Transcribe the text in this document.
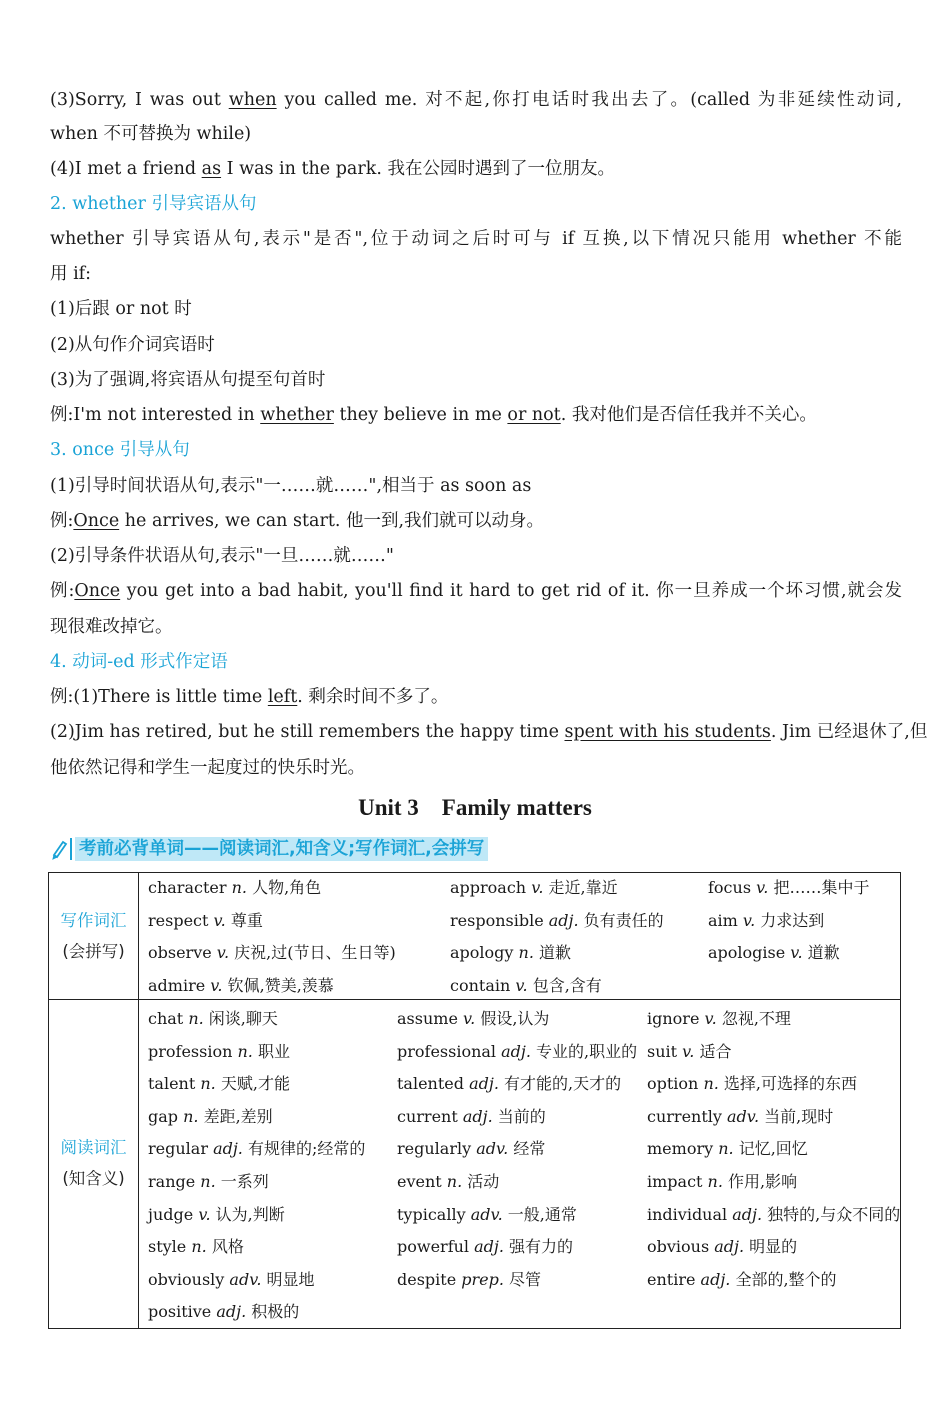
(3)Sorry, I was out when you called me. 对不起,你打电话时我出去了。(called 为非延续性动词,
when 不可替换为 while)
(4)I met a friend as I was in the park. 我在公园时遇到了一位朋友。
2. whether 引导宾语从句
whether 引导宾语从句,表示"是否",位于动词之后时可与 if 互换,以下情况只能用 whether 不能
用 if:
(1)后跟 or not 时
(2)从句作介词宾语时
(3)为了强调,将宾语从句提至句首时
例:I'm not interested in whether they believe in me or not. 我对他们是否信任我并不关心。
3. once 引导从句
(1)引导时间状语从句,表示"一……就……",相当于 as soon as
例:Once he arrives, we can start. 他一到,我们就可以动身。
(2)引导条件状语从句,表示"一旦……就……"
例:Once you get into a bad habit, you'll find it hard to get rid of it. 你一旦养成一个坏习惯,就会发
现很难改掉它。
4. 动词-ed 形式作定语
例:(1)There is little time left. 剩余时间不多了。
(2)Jim has retired, but he still remembers the happy time spent with his students. Jim 已经退休了,但
他依然记得和学生一起度过的快乐时光。
Unit 3　Family matters
考前必背单词——阅读词汇,知含义;写作词汇,会拼写
写作词汇
(会拼写)
阅读词汇
(知含义)
character n. 人物,角色	approach v. 走近,靠近	focus v. 把……集中于
respect v. 尊重	responsible adj. 负有责任的	aim v. 力求达到
observe v. 庆祝,过(节日、生日等)	apology n. 道歉	apologise v. 道歉
admire v. 钦佩,赞美,羡慕	contain v. 包含,含有
chat n. 闲谈,聊天	assume v. 假设,认为	ignore v. 忽视,不理
profession n. 职业	professional adj. 专业的,职业的 suit v. 适合
talent n. 天赋,才能	talented adj. 有才能的,天才的 option n. 选择,可选择的东西
gap n. 差距,差别	current adj. 当前的	currently adv. 当前,现时
regular adj. 有规律的;经常的 regularly adv. 经常	memory n. 记忆,回忆
range n. 一系列	event n. 活动	impact n. 作用,影响
judge v. 认为,判断	typically adv. 一般,通常	individual adj. 独特的,与众不同的
style n. 风格	powerful adj. 强有力的	obvious adj. 明显的
obviously adv. 明显地	despite prep. 尽管	entire adj. 全部的,整个的
positive adj. 积极的
